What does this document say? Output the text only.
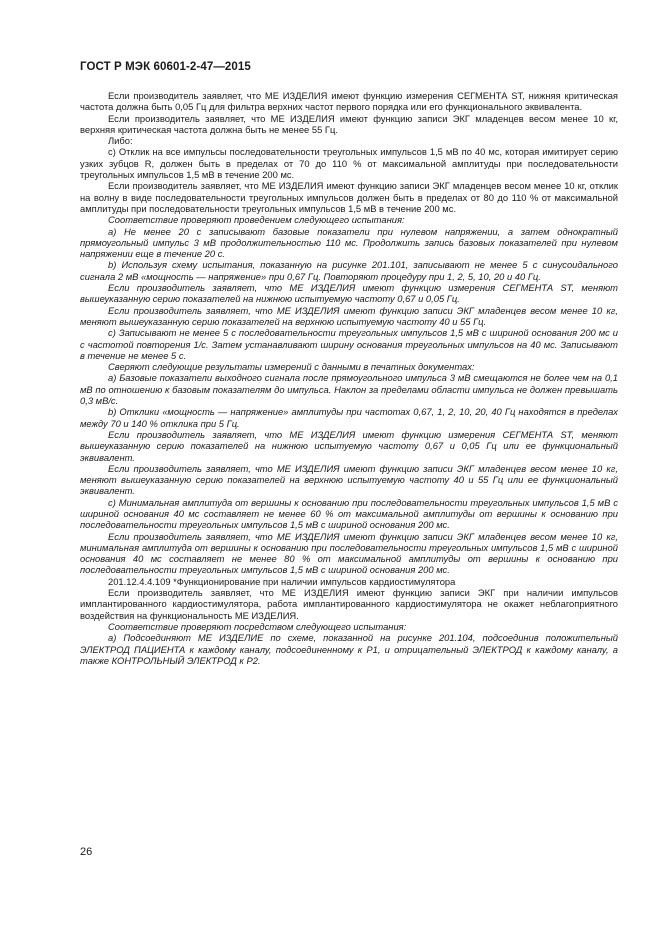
ГОСТ Р МЭК 60601-2-47—2015

Если производитель заявляет, что МЕ ИЗДЕЛИЯ имеют функцию измерения СЕГМЕНТА ST, нижняя критическая частота должна быть 0,05 Гц для фильтра верхних частот первого порядка или его функционального эквивалента.

Если производитель заявляет, что МЕ ИЗДЕЛИЯ имеют функцию записи ЭКГ младенцев весом менее 10 кг, верхняя критическая частота должна быть не менее 55 Гц.

Либо:

c) Отклик на все импульсы последовательности треугольных импульсов 1,5 мВ по 40 мс, которая имитирует серию узких зубцов R, должен быть в пределах от 70 до 110 % от максимальной амплитуды при последовательности треугольных импульсов 1,5 мВ в течение 200 мс.

Если производитель заявляет, что МЕ ИЗДЕЛИЯ имеют функцию записи ЭКГ младенцев весом менее 10 кг, отклик на волну в виде последовательности треугольных импульсов должен быть в пределах от 80 до 110 % от максимальной амплитуды при последовательности треугольных импульсов 1,5 мВ в течение 200 мс.

Соответствие проверяют проведением следующего испытания:

a) Не менее 20 с записывают базовые показатели при нулевом напряжении, а затем однократный прямоугольный импульс 3 мВ продолжительностью 110 мс. Продолжить запись базовых показателей при нулевом напряжении еще в течение 20 с.

b) Используя схему испытания, показанную на рисунке 201.101, записывают не менее 5 с синусоидального сигнала 2 мВ «мощность — напряжение» при 0,67 Гц. Повторяют процедуру при 1, 2, 5, 10, 20 и 40 Гц.

Если производитель заявляет, что МЕ ИЗДЕЛИЯ имеют функцию измерения СЕГМЕНТА ST, меняют вышеуказанную серию показателей на нижнюю испытуемую частоту 0,67 и 0,05 Гц.

Если производитель заявляет, что МЕ ИЗДЕЛИЯ имеют функцию записи ЭКГ младенцев весом менее 10 кг, меняют вышеуказанную серию показателей на верхнюю испытуемую частоту 40 и 55 Гц.

c) Записывают не менее 5 с последовательности треугольных импульсов 1,5 мВ с шириной основания 200 мс и с частотой повторения 1/с. Затем устанавливают ширину основания треугольных импульсов на 40 мс. Записывают в течение не менее 5 с.

Сверяют следующие результаты измерений с данными в печатных документах:

a) Базовые показатели выходного сигнала после прямоугольного импульса 3 мВ смещаются не более чем на 0,1 мВ по отношению к базовым показателям до импульса. Наклон за пределами области импульса не должен превышать 0,3 мВ/с.

b) Отклики «мощность — напряжение» амплитуды при частотах 0,67, 1, 2, 10, 20, 40 Гц находятся в пределах между 70 и 140 % отклика при 5 Гц.

Если производитель заявляет, что МЕ ИЗДЕЛИЯ имеют функцию измерения СЕГМЕНТА ST, меняют вышеуказанную серию показателей на нижнюю испытуемую частоту 0,67 и 0,05 Гц или ее функциональный эквивалент.

Если производитель заявляет, что МЕ ИЗДЕЛИЯ имеют функцию записи ЭКГ младенцев весом менее 10 кг, меняют вышеуказанную серию показателей на верхнюю испытуемую частоту 40 и 55 Гц или ее функциональный эквивалент.

c) Минимальная амплитуда от вершины к основанию при последовательности треугольных импульсов 1,5 мВ с шириной основания 40 мс составляет не менее 60 % от максимальной амплитуды от вершины к основанию при последовательности треугольных импульсов 1,5 мВ с шириной основания 200 мс.

Если производитель заявляет, что МЕ ИЗДЕЛИЯ имеют функцию записи ЭКГ младенцев весом менее 10 кг, минимальная амплитуда от вершины к основанию при последовательности треугольных импульсов 1,5 мВ с шириной основания 40 мс составляет не менее 80 % от максимальной амплитуды от вершины к основанию при последовательности треугольных импульсов 1,5 мВ с шириной основания 200 мс.

201.12.4.4.109 *Функционирование при наличии импульсов кардиостимулятора

Если производитель заявляет, что МЕ ИЗДЕЛИЯ имеют функцию записи ЭКГ при наличии импульсов имплантированного кардиостимулятора, работа имплантированного кардиостимулятора не окажет неблагоприятного воздействия на функциональность МЕ ИЗДЕЛИЯ.

Соответствие проверяют посредством следующего испытания:

a) Подсоединяют МЕ ИЗДЕЛИЕ по схеме, показанной на рисунке 201.104, подсоединив положительный ЭЛЕКТРОД ПАЦИЕНТА к каждому каналу, подсоединенному к P1, и отрицательный ЭЛЕКТРОД к каждому каналу, а также КОНТРОЛЬНЫЙ ЭЛЕКТРОД к P2.

26
